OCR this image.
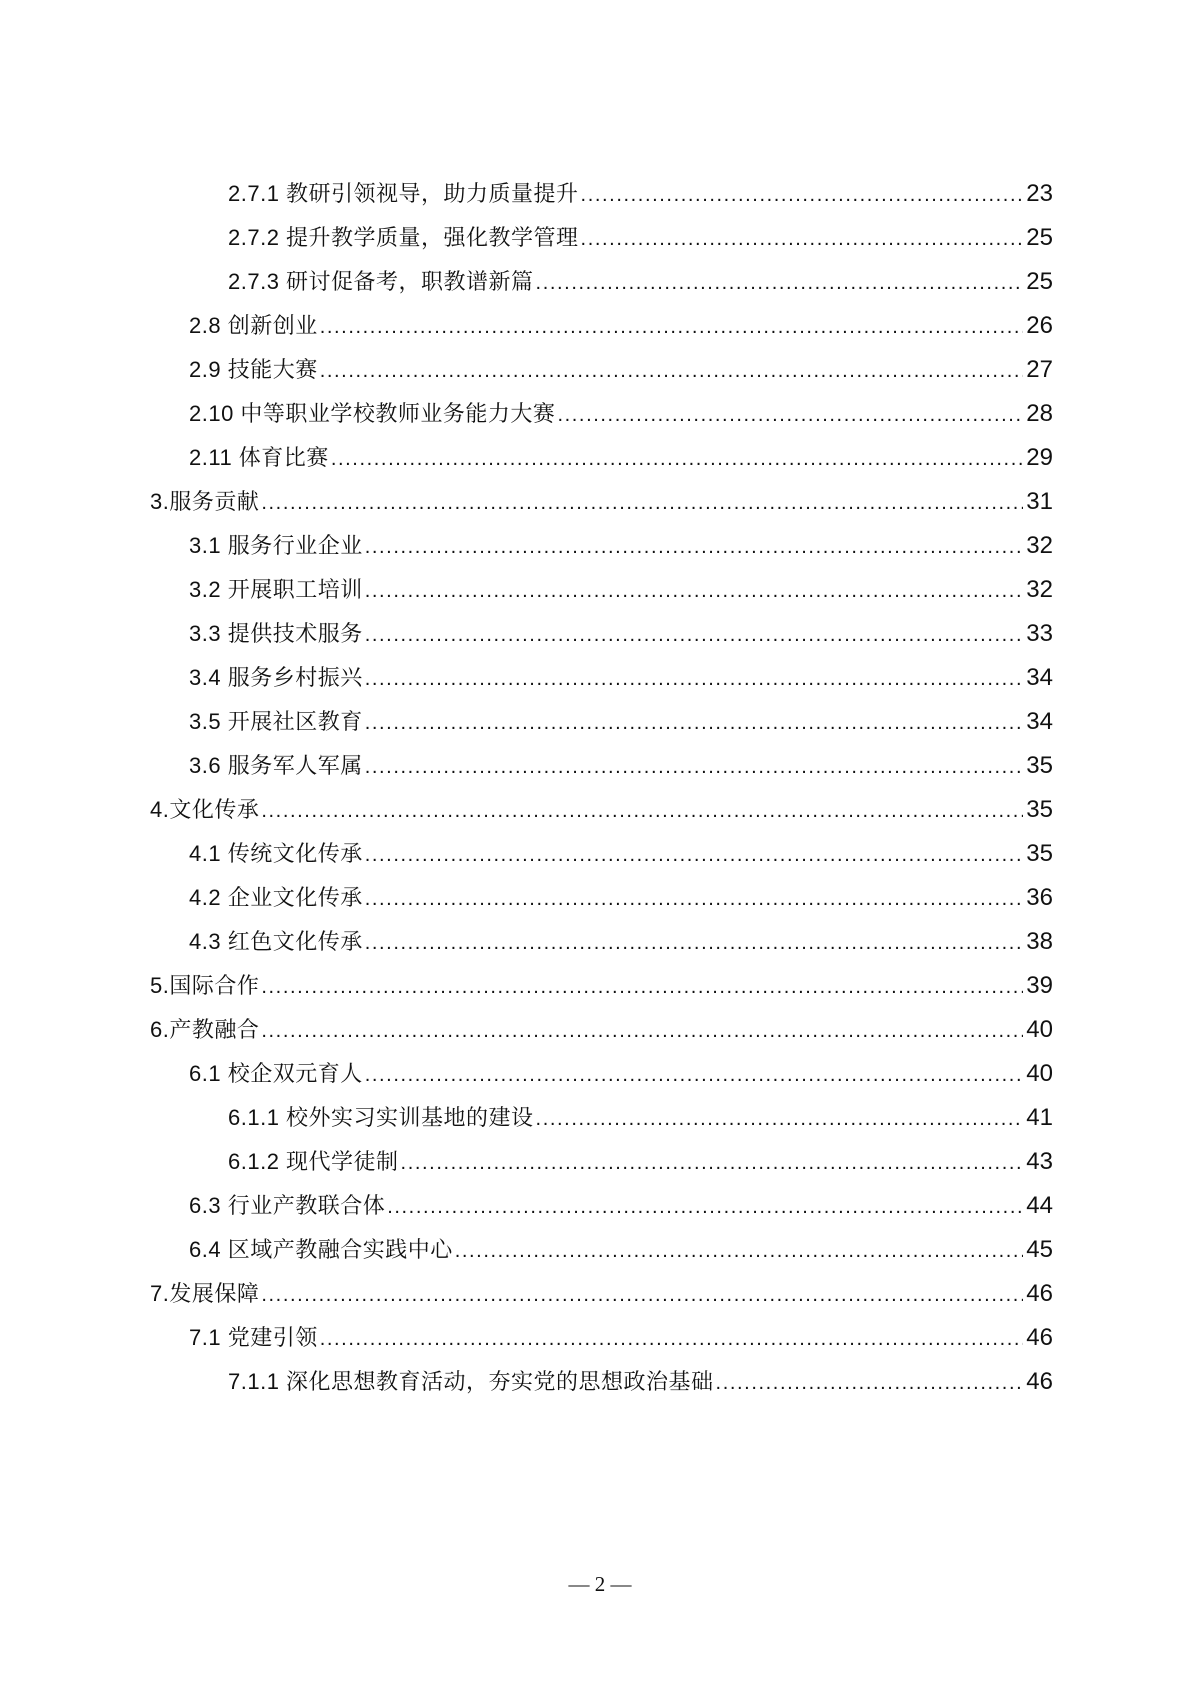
2.7.1 教研引领视导，助力质量提升 .....	23
2.7.2 提升教学质量，强化教学管理 .....	25
2.7.3 研讨促备考，职教谱新篇 .....	25
2.8 创新创业 .....	26
2.9 技能大赛 .....	27
2.10 中等职业学校教师业务能力大赛 .....	28
2.11 体育比赛 .....	29
3.服务贡献 .....	31
3.1 服务行业企业 .....	32
3.2 开展职工培训 .....	32
3.3 提供技术服务 .....	33
3.4 服务乡村振兴 .....	34
3.5 开展社区教育 .....	34
3.6 服务军人军属 .....	35
4.文化传承 .....	35
4.1 传统文化传承 .....	35
4.2 企业文化传承 .....	36
4.3 红色文化传承 .....	38
5.国际合作 .....	39
6.产教融合 .....	40
6.1 校企双元育人 .....	40
6.1.1 校外实习实训基地的建设 .....	41
6.1.2 现代学徒制 .....	43
6.3 行业产教联合体 .....	44
6.4 区域产教融合实践中心 .....	45
7.发展保障 .....	46
7.1 党建引领 .....	46
7.1.1 深化思想教育活动，夯实党的思想政治基础 .....	46
— 2 —
